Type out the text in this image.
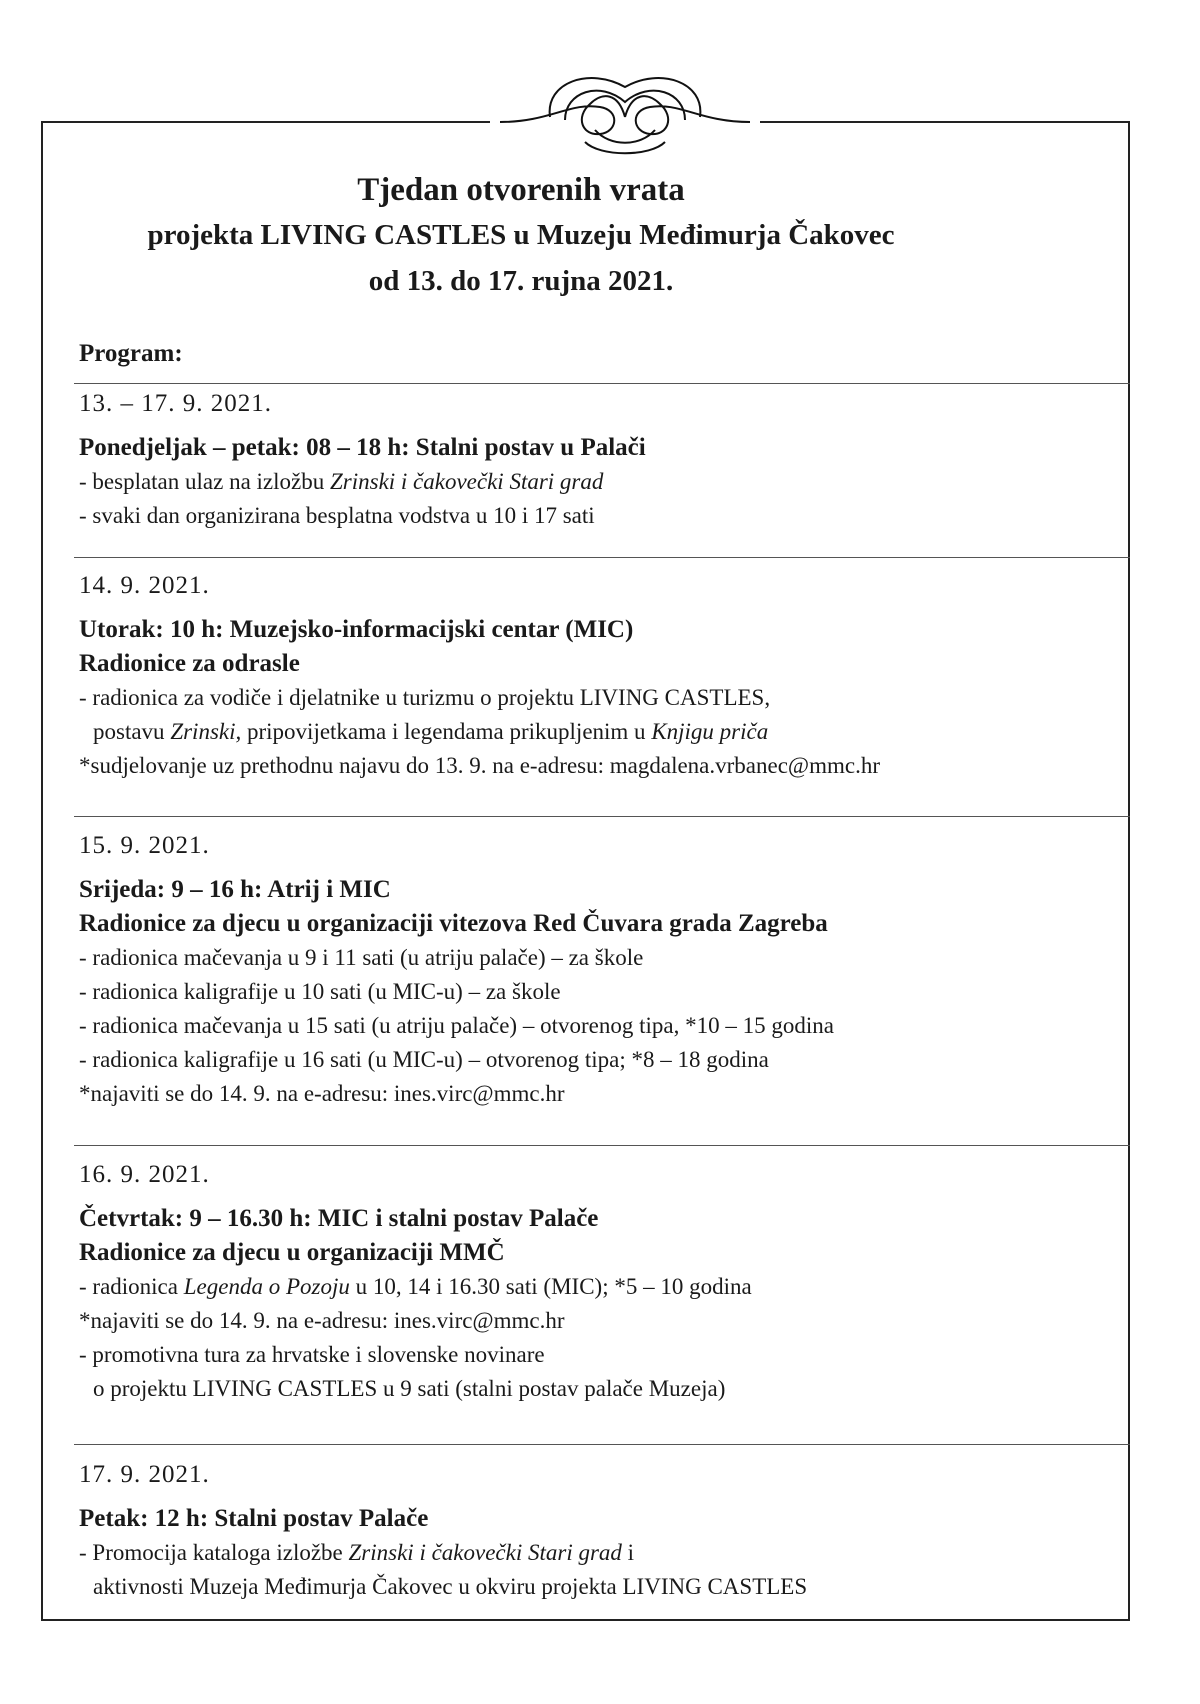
Tjedan otvorenih vrata
projekta LIVING CASTLES u Muzeju Međimurja Čakovec
od 13. do 17. rujna 2021.
Program:
13. – 17. 9. 2021.
Ponedjeljak – petak: 08 – 18 h: Stalni postav u Palači
- besplatan ulaz na izložbu Zrinski i čakovečki Stari grad
- svaki dan organizirana besplatna vodstva u 10 i 17 sati
14. 9. 2021.
Utorak: 10 h: Muzejsko-informacijski centar (MIC)
Radionice za odrasle
- radionica za vodiče i djelatnike u turizmu o projektu LIVING CASTLES,
postavu Zrinski, pripovijetkama i legendama prikupljenim u Knjigu priča
*sudjelovanje uz prethodnu najavu do 13. 9. na e-adresu: magdalena.vrbanec@mmc.hr
15. 9. 2021.
Srijeda: 9 – 16 h: Atrij i MIC
Radionice za djecu u organizaciji vitezova Red Čuvara grada Zagreba
- radionica mačevanja u 9 i 11 sati (u atriju palače) – za škole
- radionica kaligrafije u 10 sati (u MIC-u) – za škole
- radionica mačevanja u 15 sati (u atriju palače) – otvorenog tipa, *10 – 15 godina
- radionica kaligrafije u 16 sati (u MIC-u) – otvorenog tipa; *8 – 18 godina
*najaviti se do 14. 9. na e-adresu: ines.virc@mmc.hr
16. 9. 2021.
Četvrtak: 9 – 16.30 h: MIC i stalni postav Palače
Radionice za djecu u organizaciji MMČ
- radionica Legenda o Pozoju u 10, 14 i 16.30 sati (MIC); *5 – 10 godina
*najaviti se do 14. 9. na e-adresu: ines.virc@mmc.hr
- promotivna tura za hrvatske i slovenske novinare
o projektu LIVING CASTLES u 9 sati (stalni postav palače Muzeja)
17. 9. 2021.
Petak: 12 h: Stalni postav Palače
- Promocija kataloga izložbe Zrinski i čakovečki Stari grad i
aktivnosti Muzeja Međimurja Čakovec u okviru projekta LIVING CASTLES
